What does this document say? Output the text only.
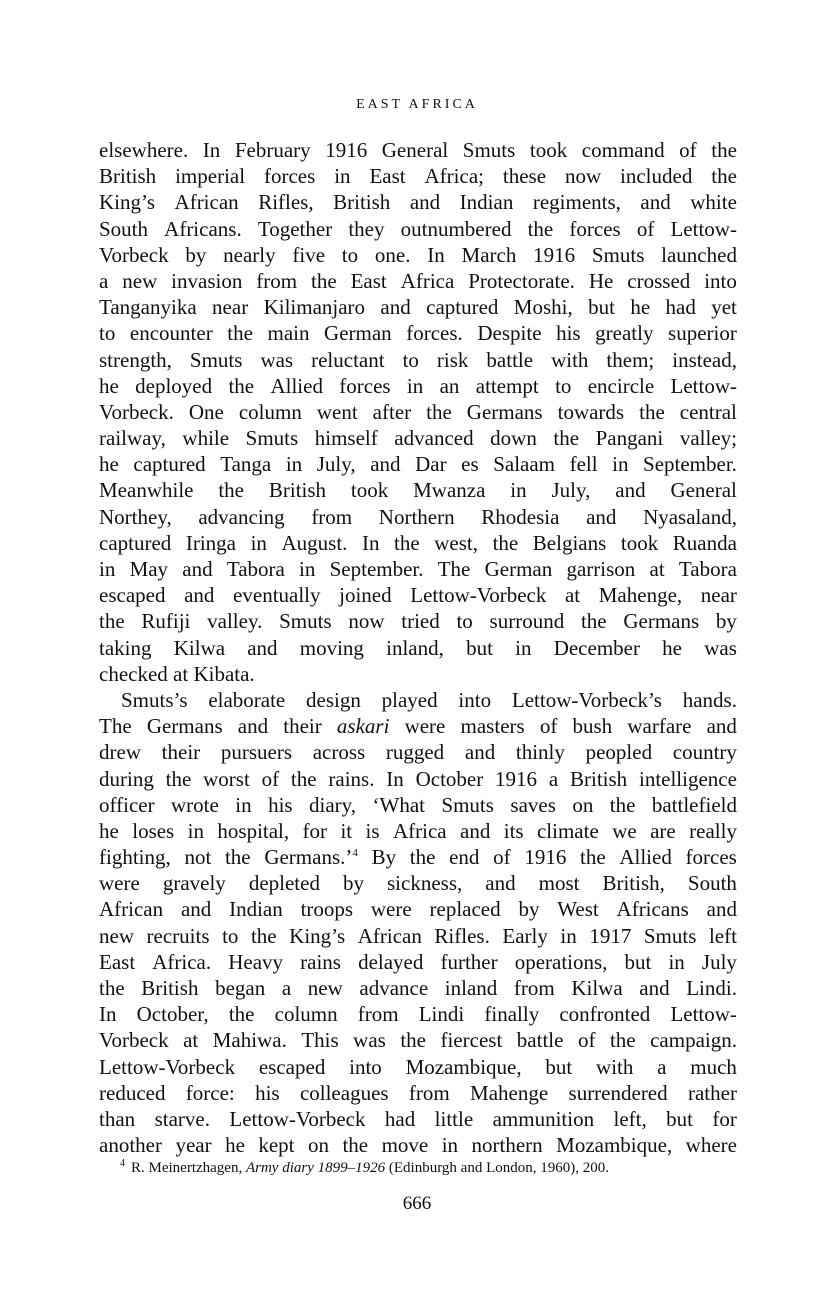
EAST AFRICA
elsewhere. In February 1916 General Smuts took command of the
British imperial forces in East Africa; these now included the
King’s African Rifles, British and Indian regiments, and white
South Africans. Together they outnumbered the forces of Lettow-
Vorbeck by nearly five to one. In March 1916 Smuts launched
a new invasion from the East Africa Protectorate. He crossed into
Tanganyika near Kilimanjaro and captured Moshi, but he had yet
to encounter the main German forces. Despite his greatly superior
strength, Smuts was reluctant to risk battle with them; instead,
he deployed the Allied forces in an attempt to encircle Lettow-
Vorbeck. One column went after the Germans towards the central
railway, while Smuts himself advanced down the Pangani valley;
he captured Tanga in July, and Dar es Salaam fell in September.
Meanwhile the British took Mwanza in July, and General
Northey, advancing from Northern Rhodesia and Nyasaland,
captured Iringa in August. In the west, the Belgians took Ruanda
in May and Tabora in September. The German garrison at Tabora
escaped and eventually joined Lettow-Vorbeck at Mahenge, near
the Rufiji valley. Smuts now tried to surround the Germans by
taking Kilwa and moving inland, but in December he was
checked at Kibata.
Smuts’s elaborate design played into Lettow-Vorbeck’s hands.
The Germans and their askari were masters of bush warfare and
drew their pursuers across rugged and thinly peopled country
during the worst of the rains. In October 1916 a British intelligence
officer wrote in his diary, ‘What Smuts saves on the battlefield
he loses in hospital, for it is Africa and its climate we are really
fighting, not the Germans.’$^4$ By the end of 1916 the Allied forces
were gravely depleted by sickness, and most British, South
African and Indian troops were replaced by West Africans and
new recruits to the King’s African Rifles. Early in 1917 Smuts left
East Africa. Heavy rains delayed further operations, but in July
the British began a new advance inland from Kilwa and Lindi.
In October, the column from Lindi finally confronted Lettow-
Vorbeck at Mahiwa. This was the fiercest battle of the campaign.
Lettow-Vorbeck escaped into Mozambique, but with a much
reduced force: his colleagues from Mahenge surrendered rather
than starve. Lettow-Vorbeck had little ammunition left, but for
another year he kept on the move in northern Mozambique, where
$^4$ R. Meinertzhagen, Army diary 1899–1926 (Edinburgh and London, 1960), 200.
666
